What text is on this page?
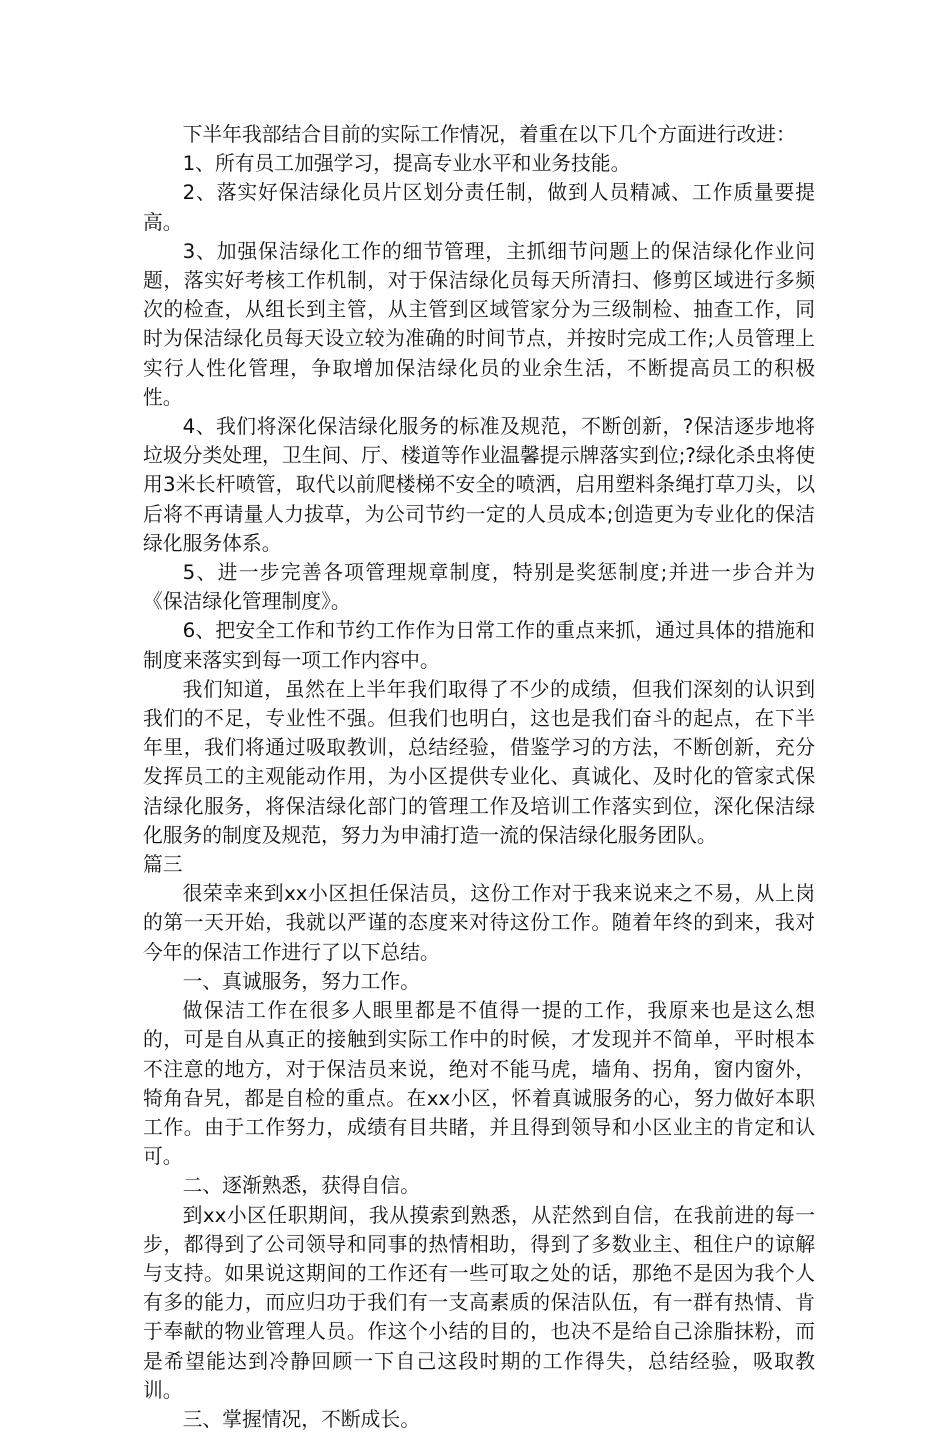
下半年我部结合目前的实际工作情况，着重在以下几个方面进行改进：

1、所有员工加强学习，提高专业水平和业务技能。

2、落实好保洁绿化员片区划分责任制，做到人员精减、工作质量要提高。

3、加强保洁绿化工作的细节管理，主抓细节问题上的保洁绿化作业问题，落实好考核工作机制，对于保洁绿化员每天所清扫、修剪区域进行多频次的检查，从组长到主管，从主管到区域管家分为三级制检、抽查工作，同时为保洁绿化员每天设立较为准确的时间节点，并按时完成工作;人员管理上实行人性化管理，争取增加保洁绿化员的业余生活，不断提高员工的积极性。

4、我们将深化保洁绿化服务的标准及规范，不断创新，?保洁逐步地将垃圾分类处理，卫生间、厅、楼道等作业温馨提示牌落实到位;?绿化杀虫将使用3米长杆喷管，取代以前爬楼梯不安全的喷洒，启用塑料条绳打草刀头，以后将不再请量人力拔草，为公司节约一定的人员成本;创造更为专业化的保洁绿化服务体系。

5、进一步完善各项管理规章制度，特别是奖惩制度;并进一步合并为《保洁绿化管理制度》。

6、把安全工作和节约工作作为日常工作的重点来抓，通过具体的措施和制度来落实到每一项工作内容中。

我们知道，虽然在上半年我们取得了不少的成绩，但我们深刻的认识到我们的不足，专业性不强。但我们也明白，这也是我们奋斗的起点，在下半年里，我们将通过吸取教训，总结经验，借鉴学习的方法，不断创新，充分发挥员工的主观能动作用，为小区提供专业化、真诚化、及时化的管家式保洁绿化服务，将保洁绿化部门的管理工作及培训工作落实到位，深化保洁绿化服务的制度及规范，努力为申浦打造一流的保洁绿化服务团队。

篇三

很荣幸来到xx小区担任保洁员，这份工作对于我来说来之不易，从上岗的第一天开始，我就以严谨的态度来对待这份工作。随着年终的到来，我对今年的保洁工作进行了以下总结。

一、真诚服务，努力工作。

做保洁工作在很多人眼里都是不值得一提的工作，我原来也是这么想的，可是自从真正的接触到实际工作中的时候，才发现并不简单，平时根本不注意的地方，对于保洁员来说，绝对不能马虎，墙角、拐角，窗内窗外，犄角旮旯，都是自检的重点。在xx小区，怀着真诚服务的心，努力做好本职工作。由于工作努力，成绩有目共睹，并且得到领导和小区业主的肯定和认可。

二、逐渐熟悉，获得自信。

到xx小区任职期间，我从摸索到熟悉，从茫然到自信，在我前进的每一步，都得到了公司领导和同事的热情相助，得到了多数业主、租住户的谅解与支持。如果说这期间的工作还有一些可取之处的话，那绝不是因为我个人有多的能力，而应归功于我们有一支高素质的保洁队伍，有一群有热情、肯于奉献的物业管理人员。作这个小结的目的，也决不是给自己涂脂抹粉，而是希望能达到冷静回顾一下自己这段时期的工作得失，总结经验，吸取教训。

三、掌握情况，不断成长。
